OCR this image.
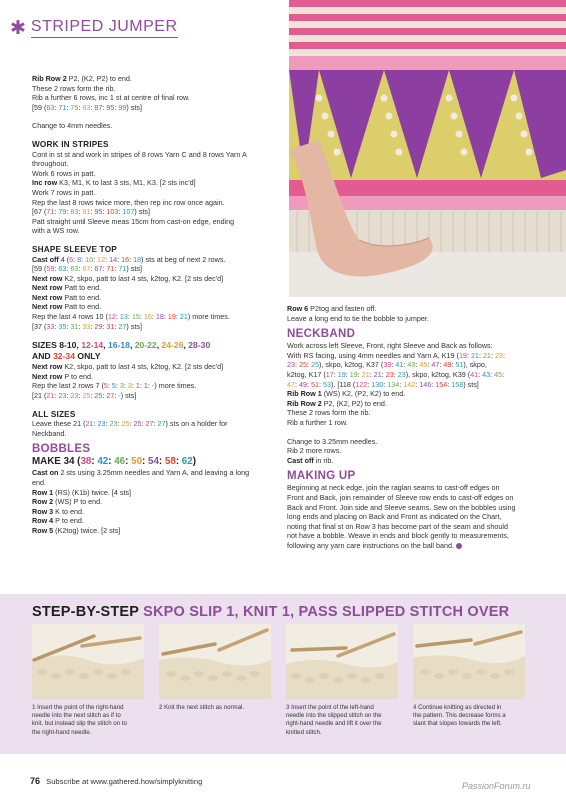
✱ STRIPED JUMPER

Rib Row 2 P2, (K2, P2) to end.

These 2 rows form the rib.

Rib a further 6 rows, inc 1 st at centre of final row.

[59 (63: 71: 75: 83: 87: 95: 99) sts]

Change to 4mm needles.

WORK IN STRIPES

Cont in st st and work in stripes of 8 rows Yarn C and 8 rows Yarn A

throughout.

Work 6 rows in patt.

Inc row K3, M1, K to last 3 sts, M1, K3. [2 sts inc'd]

Work 7 rows in patt.

Rep the last 8 rows twice more, then rep inc row once again.

[67 (71: 79: 83: 91: 95: 103: 107) sts]

Patt straight until Sleeve meas 15cm from cast-on edge, ending

with a WS row.

SHAPE SLEEVE TOP

Cast off 4 (6: 8: 10: 12: 14: 16: 18) sts at beg of next 2 rows.

[59 (59: 63: 63: 67: 67: 71: 71) sts]

Next row K2, skpo, patt to last 4 sts, k2tog, K2. [2 sts dec'd]

Next row Patt to end.

Next row Patt to end.

Next row Patt to end.

Rep the last 4 rows 10 (12: 13: 15: 16: 18: 19: 21) more times.

[37 (33: 35: 31: 33: 29: 31: 27) sts]

SIZES 8-10, 12-14, 16-18, 20-22, 24-26, 28-30

AND 32-34 ONLY

Next row K2, skpo, patt to last 4 sts, k2tog, K2. [2 sts dec'd]

Next row P to end.

Rep the last 2 rows 7 (5: 5: 3: 3: 1: 1: -) more times.

[21 (21: 23: 23: 25: 25: 27: -) sts]

ALL SIZES

Leave these 21 (21: 23: 23: 25: 25: 27: 27) sts on a holder for

Neckband.

BOBBLES

MAKE 34 (38: 42: 46: 50: 54: 58: 62)

Cast on 2 sts using 3.25mm needles and Yarn A, and leaving a long

end.

Row 1 (RS) (K1b) twice. [4 sts]

Row 2 (WS) P to end.

Row 3 K to end.

Row 4 P to end.

Row 5 (K2tog) twice. [2 sts]

Row 6 P2tog and fasten off.

Leave a long end to tie the bobble to jumper.

NECKBAND

Work across left Sleeve, Front, right Sleeve and Back as follows:

With RS facing, using 4mm needles and Yarn A, K19 (19: 21: 21: 23:

23: 25: 25), skpo, k2tog, K37 (39: 41: 43: 45: 47: 49: 51), skpo,

k2tog, K17 (17: 19: 19: 21: 21: 23: 23), skpo, k2tog, K39 (41: 43: 45:

47: 49: 51: 53). [118 (122: 130: 134: 142: 146: 154: 158) sts]

Rib Row 1 (WS) K2, (P2, K2) to end.

Rib Row 2 P2, (K2, P2) to end.

These 2 rows form the rib.

Rib a further 1 row.

Change to 3.25mm needles.

Rib 2 more rows.

Cast off in rib.

MAKING UP

Beginning at neck edge, join the raglan seams to cast-off edges on

Front and Back, join remainder of Sleeve row ends to cast-off edges on

Back and Front. Join side and Sleeve seams. Sew on the bobbles using

long ends and placing on Back and Front as indicated on the Chart,

noting that final st on Row 3 has become part of the seam and should

not have a bobble. Weave in ends and block gently to measurements,

following any yarn care instructions on the ball band.

STEP-BY-STEP SKPO SLIP 1, KNIT 1, PASS SLIPPED STITCH OVER

1 Insert the point of the right-hand
needle into the next stitch as if to
knit, but instead slip the stitch on to
the right-hand needle.

2 Knit the next stitch as normal.	3 Insert the point of the left-hand
needle into the slipped stitch on the
right-hand needle and lift it over the
knitted stitch.

4 Continue knitting as directed in
the pattern. This decrease forms a
slant that slopes towards the left.

76 Subscribe at www.gathered.how/simplyknitting	PassionForum.ru
